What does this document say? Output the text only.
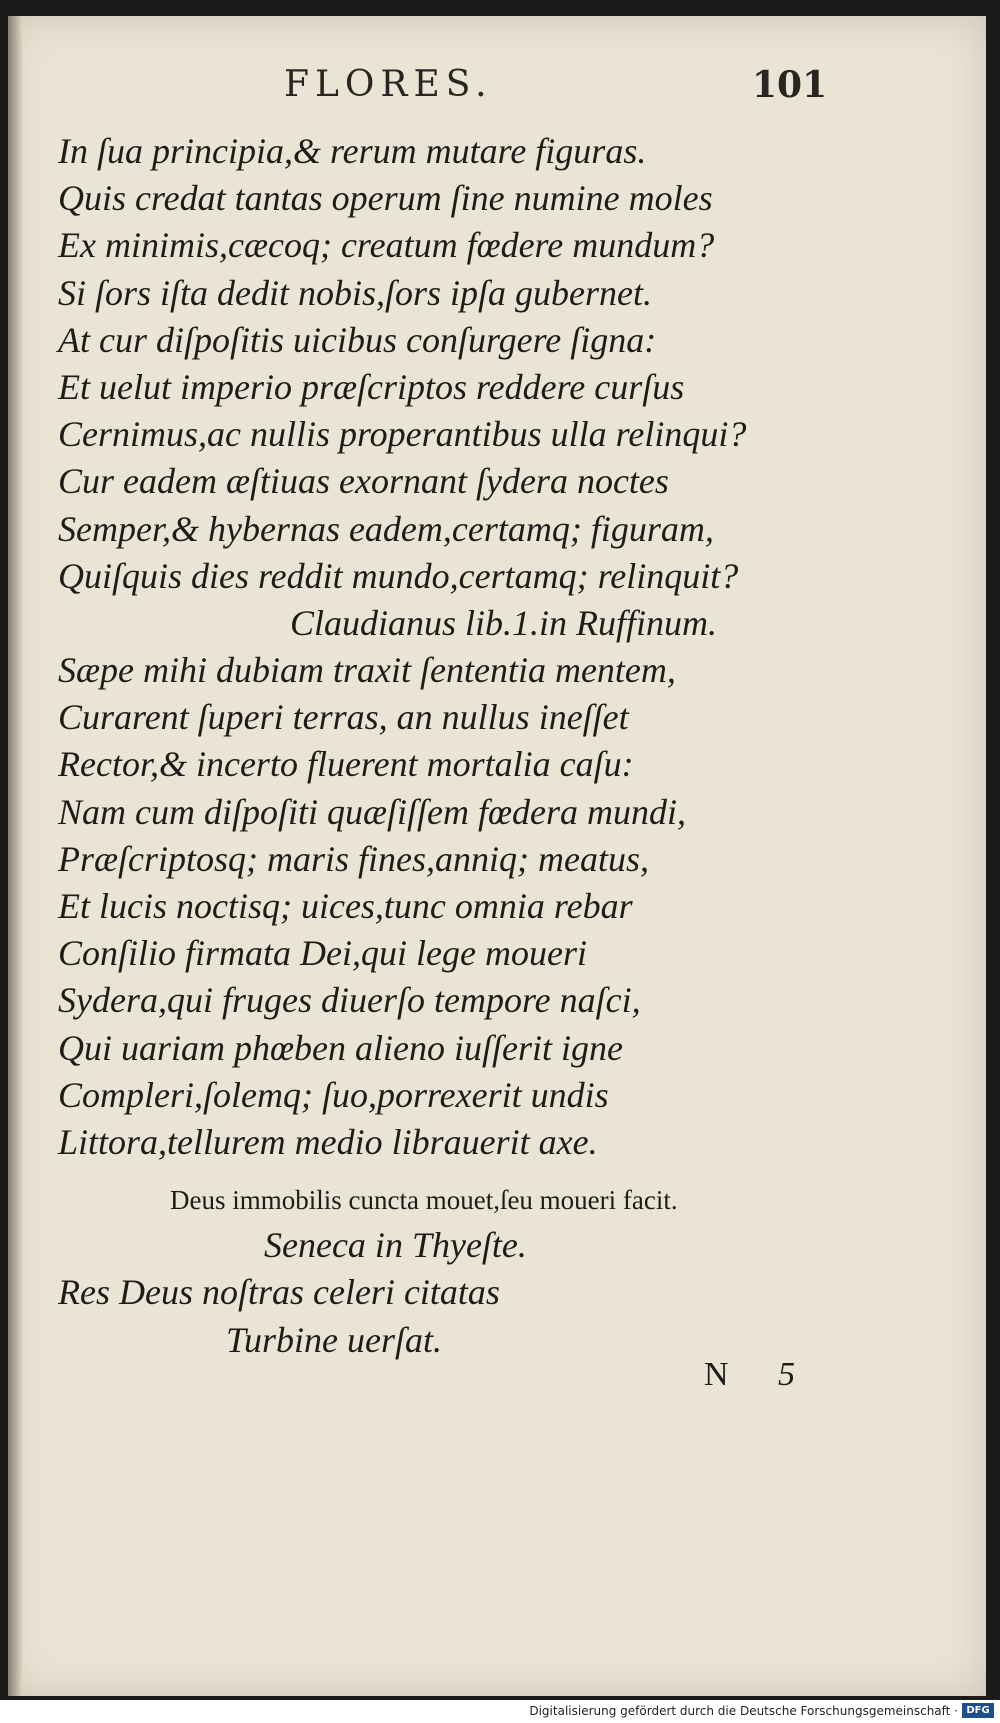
FLORES.	101
In ſua principia,& rerum mutare figuras.
Quis credat tantas operum ſine numine moles
Ex minimis,cæcoq; creatum fœdere mundum?
Si ſors iſta dedit nobis,ſors ipſa gubernet.
At cur diſpoſitis uicibus conſurgere ſigna:
Et uelut imperio præſcriptos reddere curſus
Cernimus,ac nullis properantibus ulla relinqui?
Cur eadem æſtiuas exornant ſydera noctes
Semper,& hybernas eadem,certamq; figuram,
Quiſquis dies reddit mundo,certamq; relinquit?
Claudianus lib.1.in Ruffinum.
Sæpe mihi dubiam traxit ſententia mentem,
Curarent ſuperi terras, an nullus ineſſet
Rector,& incerto fluerent mortalia caſu:
Nam cum diſpoſiti quæſiſſem fœdera mundi,
Præſcriptosq; maris fines,anniq; meatus,
Et lucis noctisq; uices,tunc omnia rebar
Conſilio firmata Dei,qui lege moueri
Sydera,qui fruges diuerſo tempore naſci,
Qui uariam phœben alieno iuſſerit igne
Compleri,ſolemq; ſuo,porrexerit undis
Littora,tellurem medio librauerit axe.
Deus immobilis cuncta mouet,ſeu moueri facit.
Seneca in Thyeſte.
Res Deus noſtras celeri citatas
Turbine uerſat.
N 5
Digitalisierung gefördert durch die Deutsche Forschungsgemeinschaft · DFG
